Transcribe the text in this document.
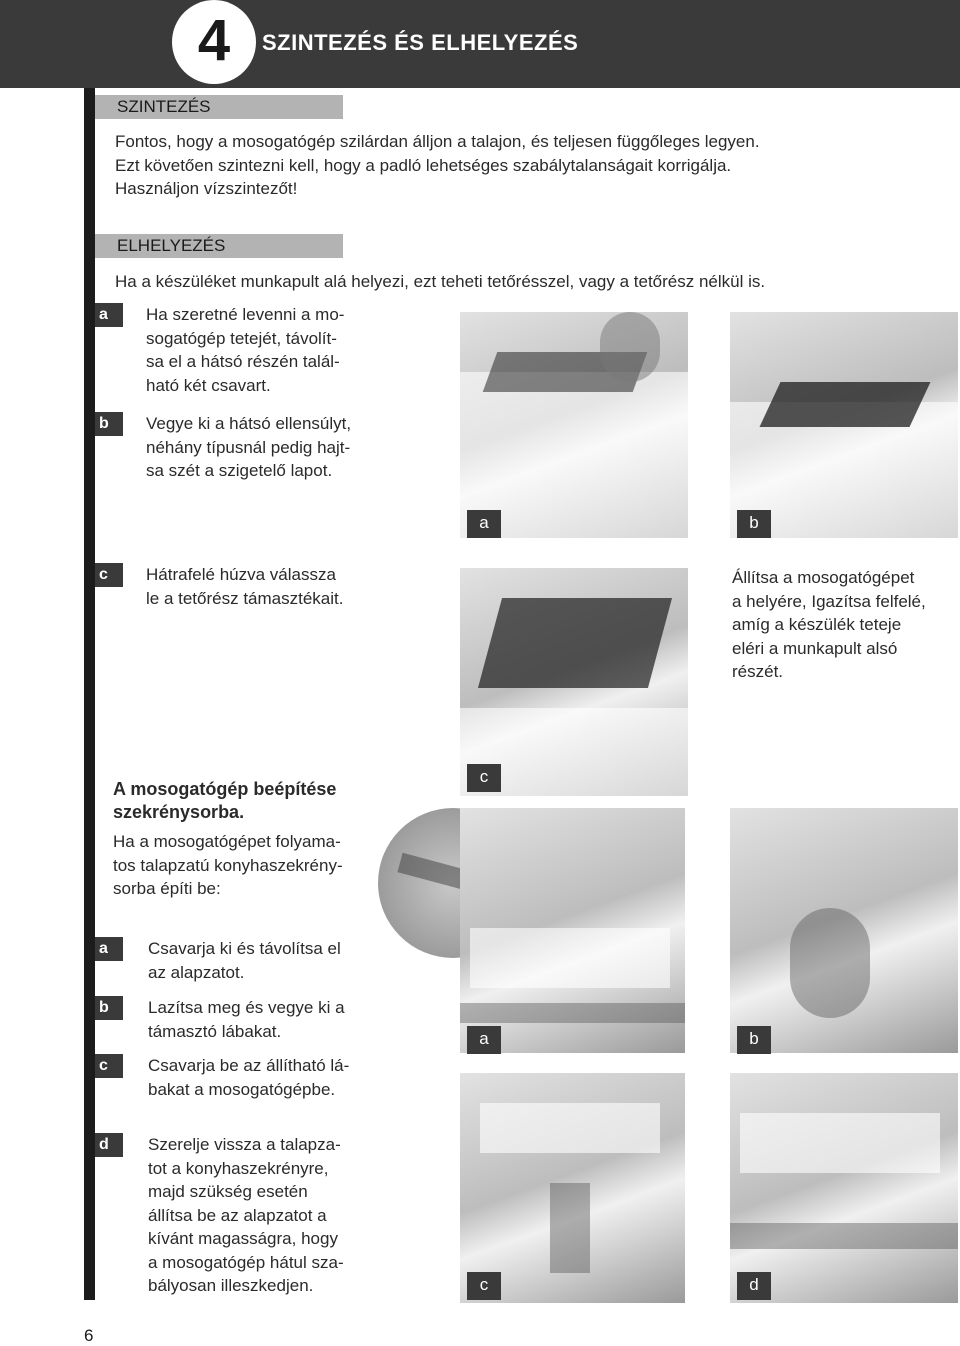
4	SZINTEZÉS ÉS ELHELYEZÉS
SZINTEZÉS
Fontos, hogy a mosogatógép szilárdan álljon a talajon, és teljesen függőleges legyen.
Ezt követően szintezni kell, hogy a padló lehetséges szabálytalanságait korrigálja.
Használjon vízszintezőt!
ELHELYEZÉS
Ha a készüléket munkapult alá helyezi, ezt teheti tetőrésszel, vagy a tetőrész nélkül is.
a	Ha szeretné levenni a mo-
sogatógép tetejét, távolít-
sa el a hátsó részén talál-
ható két csavart.
b	Vegye ki a hátsó ellensúlyt,
néhány típusnál pedig hajt-
sa szét a szigetelő lapot.
a	b
c	Hátrafelé húzva válassza
le a tetőrész támasztékait.
c
Állítsa a mosogatógépet
a helyére, Igazítsa felfelé,
amíg a készülék teteje
eléri a munkapult alsó
részét.
A mosogatógép beépítése
szekrénysorba.
Ha a mosogatógépet folyama-
tos talapzatú konyhaszekrény-
sorba építi be:
a	Csavarja ki és távolítsa el
az alapzatot.
b	Lazítsa meg és vegye ki a
támasztó lábakat.
c	Csavarja be az állítható lá-
bakat a mosogatógépbe.
d	Szerelje vissza a talapza-
tot a konyhaszekrényre,
majd szükség esetén
állítsa be az alapzatot a
kívánt magasságra, hogy
a mosogatógép hátul sza-
bályosan illeszkedjen.
a	b
c	d
6
